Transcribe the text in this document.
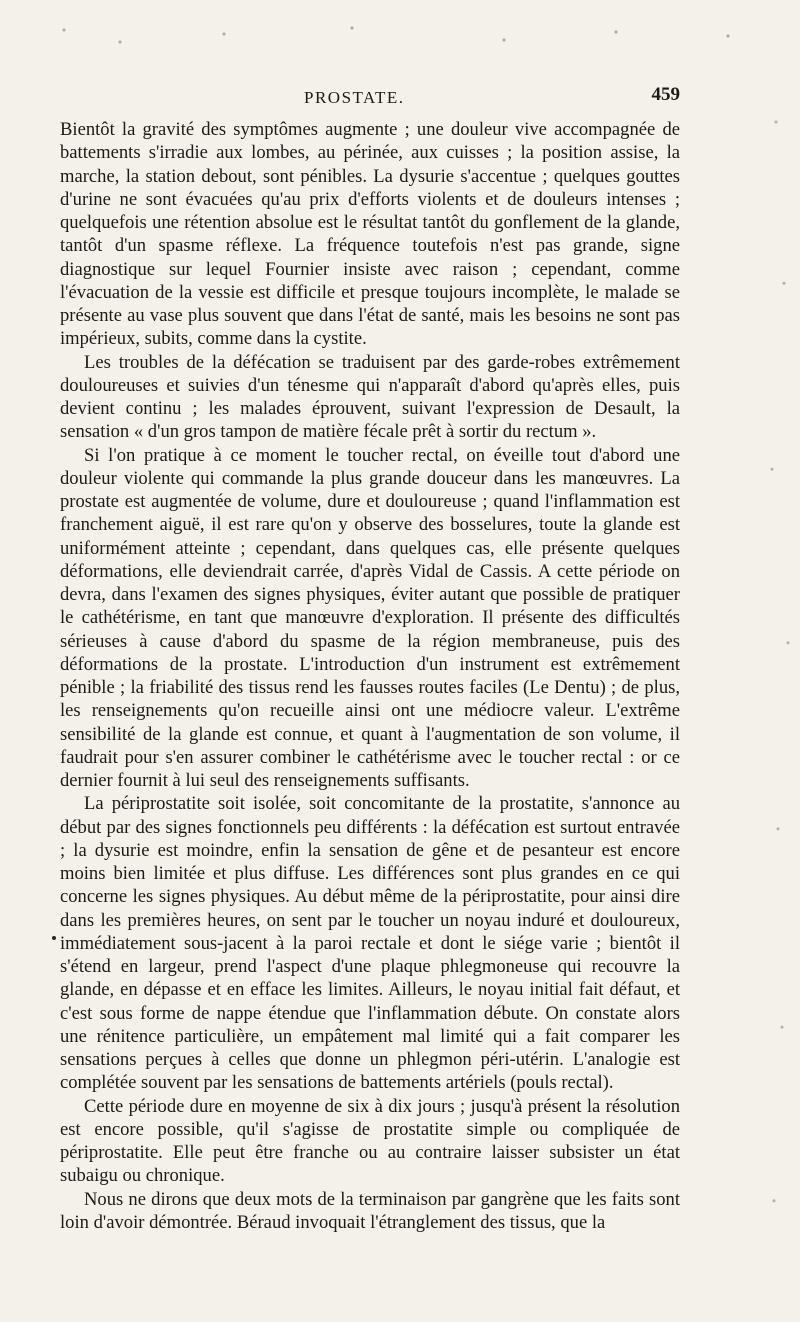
PROSTATE.	459

Bientôt la gravité des symptômes augmente ; une douleur vive accompagnée de battements s'irradie aux lombes, au périnée, aux cuisses ; la position assise, la marche, la station debout, sont pénibles. La dysurie s'accentue ; quelques gouttes d'urine ne sont évacuées qu'au prix d'efforts violents et de douleurs intenses ; quelquefois une rétention absolue est le résultat tantôt du gonflement de la glande, tantôt d'un spasme réflexe. La fréquence toutefois n'est pas grande, signe diagnostique sur lequel Fournier insiste avec raison ; cependant, comme l'évacuation de la vessie est difficile et presque toujours incomplète, le malade se présente au vase plus souvent que dans l'état de santé, mais les besoins ne sont pas impérieux, subits, comme dans la cystite.

Les troubles de la défécation se traduisent par des garde-robes extrêmement douloureuses et suivies d'un ténesme qui n'apparaît d'abord qu'après elles, puis devient continu ; les malades éprouvent, suivant l'expression de Desault, la sensation « d'un gros tampon de matière fécale prêt à sortir du rectum ».

Si l'on pratique à ce moment le toucher rectal, on éveille tout d'abord une douleur violente qui commande la plus grande douceur dans les manœuvres. La prostate est augmentée de volume, dure et douloureuse ; quand l'inflammation est franchement aiguë, il est rare qu'on y observe des bosselures, toute la glande est uniformément atteinte ; cependant, dans quelques cas, elle présente quelques déformations, elle deviendrait carrée, d'après Vidal de Cassis. A cette période on devra, dans l'examen des signes physiques, éviter autant que possible de pratiquer le cathétérisme, en tant que manœuvre d'exploration. Il présente des difficultés sérieuses à cause d'abord du spasme de la région membraneuse, puis des déformations de la prostate. L'introduction d'un instrument est extrêmement pénible ; la friabilité des tissus rend les fausses routes faciles (Le Dentu) ; de plus, les renseignements qu'on recueille ainsi ont une médiocre valeur. L'extrême sensibilité de la glande est connue, et quant à l'augmentation de son volume, il faudrait pour s'en assurer combiner le cathétérisme avec le toucher rectal : or ce dernier fournit à lui seul des renseignements suffisants.

La périprostatite soit isolée, soit concomitante de la prostatite, s'annonce au début par des signes fonctionnels peu différents : la défécation est surtout entravée ; la dysurie est moindre, enfin la sensation de gêne et de pesanteur est encore moins bien limitée et plus diffuse. Les différences sont plus grandes en ce qui concerne les signes physiques. Au début même de la périprostatite, pour ainsi dire dans les premières heures, on sent par le toucher un noyau induré et douloureux, immédiatement sous-jacent à la paroi rectale et dont le siége varie ; bientôt il s'étend en largeur, prend l'aspect d'une plaque phlegmoneuse qui recouvre la glande, en dépasse et en efface les limites. Ailleurs, le noyau initial fait défaut, et c'est sous forme de nappe étendue que l'inflammation débute. On constate alors une rénitence particulière, un empâtement mal limité qui a fait comparer les sensations perçues à celles que donne un phlegmon péri-utérin. L'analogie est complétée souvent par les sensations de battements artériels (pouls rectal).

Cette période dure en moyenne de six à dix jours ; jusqu'à présent la résolution est encore possible, qu'il s'agisse de prostatite simple ou compliquée de périprostatite. Elle peut être franche ou au contraire laisser subsister un état subaigu ou chronique.

Nous ne dirons que deux mots de la terminaison par gangrène que les faits sont loin d'avoir démontrée. Béraud invoquait l'étranglement des tissus, que la
